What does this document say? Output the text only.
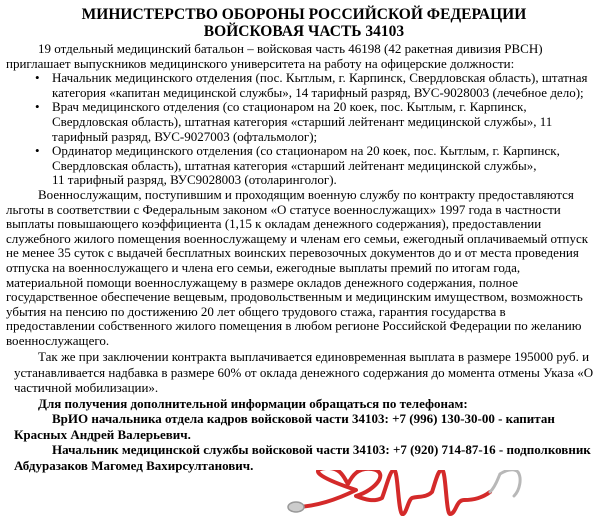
МИНИСТЕРСТВО ОБОРОНЫ РОССИЙСКОЙ ФЕДЕРАЦИИ
ВОЙСКОВАЯ ЧАСТЬ 34103
19 отдельный медицинский батальон – войсковая часть 46198 (42 ракетная дивизия РВСН)
приглашает выпускников медицинского университета на работу на офицерские должности:
• Начальник медицинского отделения (пос. Кытлым, г. Карпинск, Свердловская область), штатная
категория «капитан медицинской службы», 14 тарифный разряд, ВУС-9028003 (лечебное дело);
• Врач медицинского отделения (со стационаром на 20 коек, пос. Кытлым, г. Карпинск,
Свердловская область), штатная категория «старший лейтенант медицинской службы», 11
тарифный разряд, ВУС-9027003 (офтальмолог);
• Ординатор медицинского отделения (со стационаром на 20 коек, пос. Кытлым, г. Карпинск,
Свердловская область), штатная категория «старший лейтенант медицинской службы»,
11 тарифный разряд, ВУС9028003 (отоларинголог).
Военнослужащим, поступившим и проходящим военную службу по контракту предоставляются
льготы в соответствии с Федеральным законом «О статусе военнослужащих» 1997 года в частности
выплаты повышающего коэффициента (1,15 к окладам денежного содержания), предоставлении
служебного жилого помещения военнослужащему и членам его семьи, ежегодный оплачиваемый отпуск
не менее 35 суток с выдачей бесплатных воинских перевозочных документов до и от места проведения
отпуска на военнослужащего и члена его семьи, ежегодные выплаты премий по итогам года,
материальной помощи военнослужащему в размере окладов денежного содержания, полное
государственное обеспечение вещевым, продовольственным и медицинским имуществом, возможность
убытия на пенсию по достижению 20 лет общего трудового стажа, гарантия государства в
предоставлении собственного жилого помещения в любом регионе Российской Федерации по желанию
военнослужащего.
Так же при заключении контракта выплачивается единовременная выплата в размере 195000 руб. и
устанавливается надбавка в размере 60% от оклада денежного содержания до момента отмены Указа «О
частичной мобилизации».
Для получения дополнительной информации обращаться по телефонам:
ВрИО начальника отдела кадров войсковой части 34103: +7 (996) 130-30-00 - капитан
Красных Андрей Валерьевич.
Начальник медицинской службы войсковой части 34103: +7 (920) 714-87-16 - подполковник
Абдуразаков Магомед Вахирсултанович.
